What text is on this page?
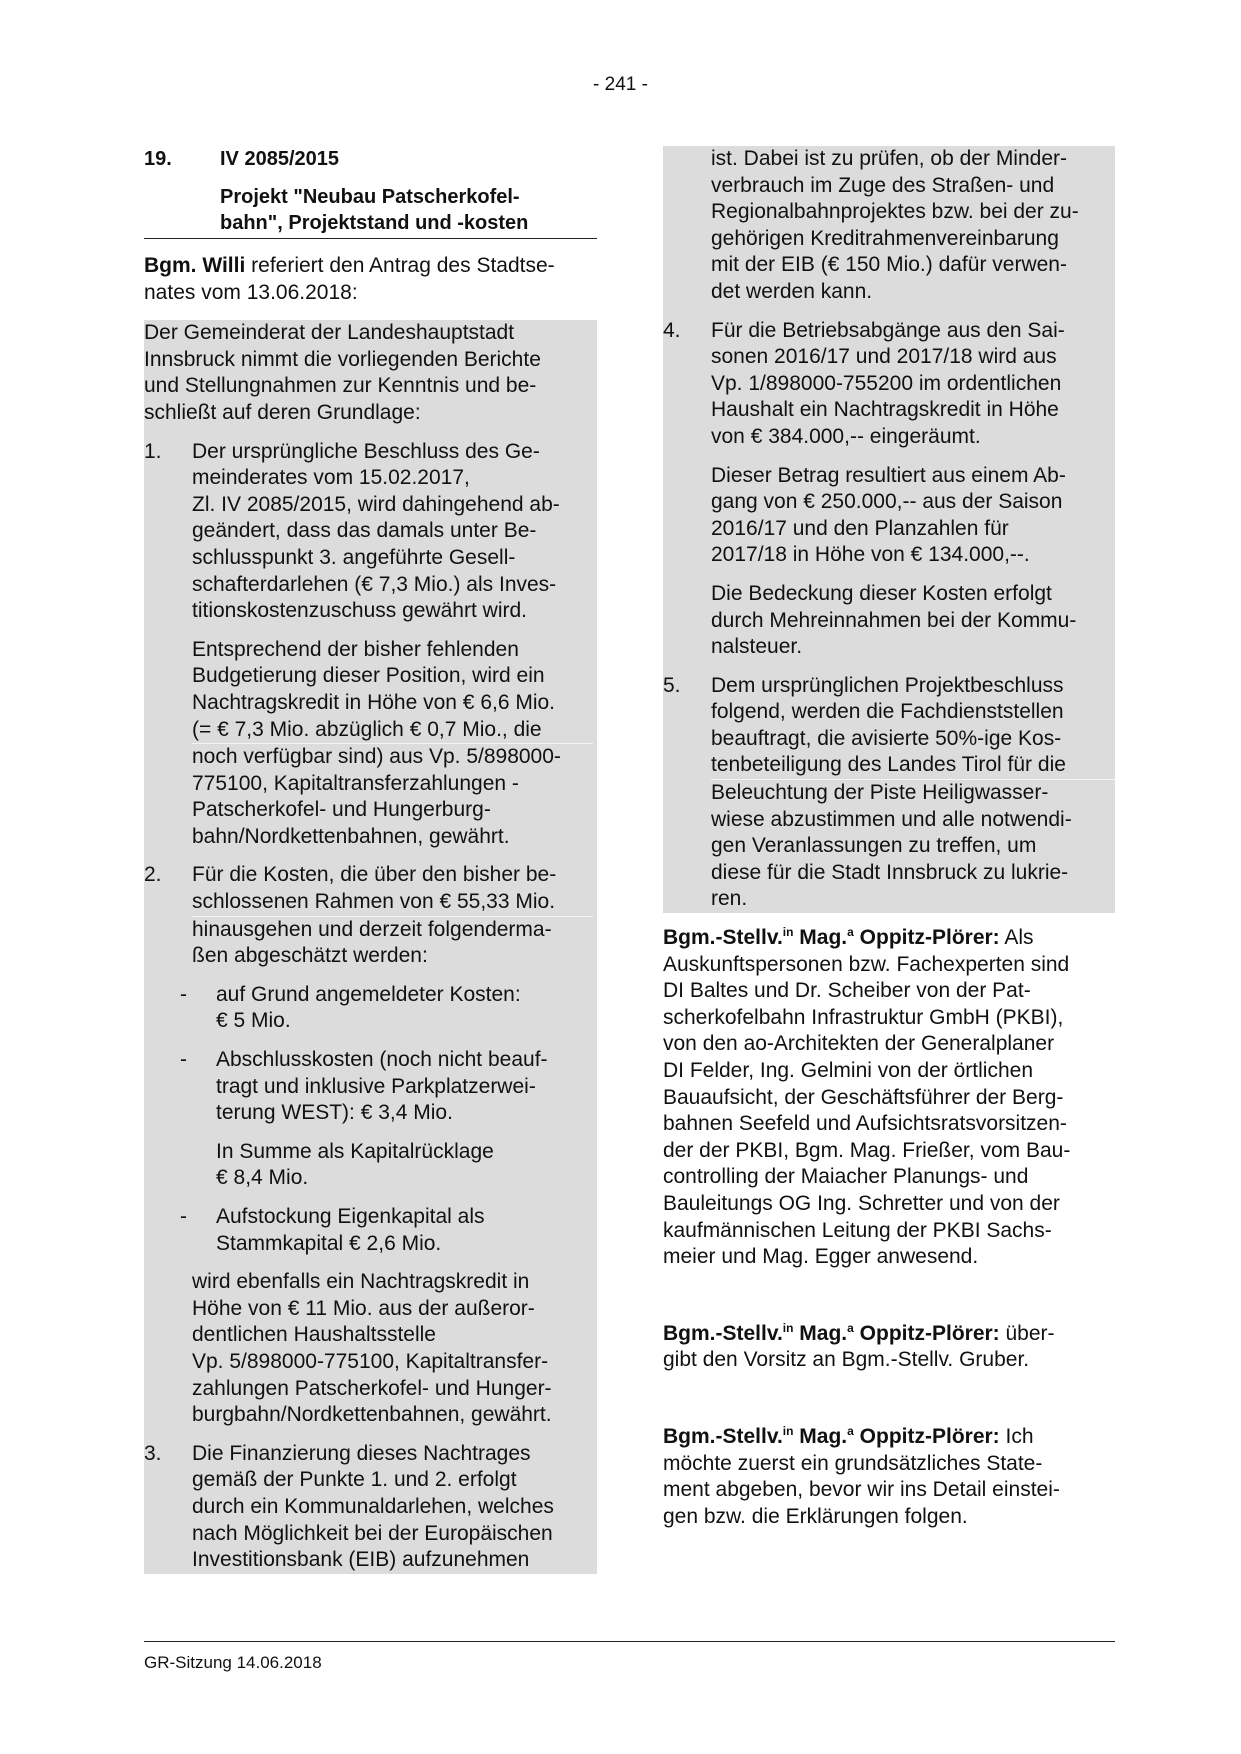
- 241 -
19.	IV 2085/2015
Projekt "Neubau Patscherkofel-
bahn", Projektstand und -kosten
Bgm. Willi referiert den Antrag des Stadtse-
nates vom 13.06.2018:
Der Gemeinderat der Landeshauptstadt
Innsbruck nimmt die vorliegenden Berichte
und Stellungnahmen zur Kenntnis und be-
schließt auf deren Grundlage:
1.	Der ursprüngliche Beschluss des Ge-
meinderates vom 15.02.2017,
Zl. IV 2085/2015, wird dahingehend ab-
geändert, dass das damals unter Be-
schlusspunkt 3. angeführte Gesell-
schafterdarlehen (€ 7,3 Mio.) als Inves-
titionskostenzuschuss gewährt wird.
Entsprechend der bisher fehlenden
Budgetierung dieser Position, wird ein
Nachtragskredit in Höhe von € 6,6 Mio.
(= € 7,3 Mio. abzüglich € 0,7 Mio., die
noch verfügbar sind) aus Vp. 5/898000-
775100, Kapitaltransferzahlungen -
Patscherkofel- und Hungerburg-
bahn/Nordkettenbahnen, gewährt.
2.	Für die Kosten, die über den bisher be-
schlossenen Rahmen von € 55,33 Mio.
hinausgehen und derzeit folgenderma-
ßen abgeschätzt werden:
-	auf Grund angemeldeter Kosten:
€ 5 Mio.
-	Abschlusskosten (noch nicht beauf-
tragt und inklusive Parkplatzerwei-
terung WEST): € 3,4 Mio.
In Summe als Kapitalrücklage
€ 8,4 Mio.
-	Aufstockung Eigenkapital als
Stammkapital € 2,6 Mio.
wird ebenfalls ein Nachtragskredit in
Höhe von € 11 Mio. aus der außeror-
dentlichen Haushaltsstelle
Vp. 5/898000-775100, Kapitaltransfer-
zahlungen Patscherkofel- und Hunger-
burgbahn/Nordkettenbahnen, gewährt.
3.	Die Finanzierung dieses Nachtrages
gemäß der Punkte 1. und 2. erfolgt
durch ein Kommunaldarlehen, welches
nach Möglichkeit bei der Europäischen
Investitionsbank (EIB) aufzunehmen
ist. Dabei ist zu prüfen, ob der Minder-
verbrauch im Zuge des Straßen- und
Regionalbahnprojektes bzw. bei der zu-
gehörigen Kreditrahmenvereinbarung
mit der EIB (€ 150 Mio.) dafür verwen-
det werden kann.
4.	Für die Betriebsabgänge aus den Sai-
sonen 2016/17 und 2017/18 wird aus
Vp. 1/898000-755200 im ordentlichen
Haushalt ein Nachtragskredit in Höhe
von € 384.000,-- eingeräumt.
Dieser Betrag resultiert aus einem Ab-
gang von € 250.000,-- aus der Saison
2016/17 und den Planzahlen für
2017/18 in Höhe von € 134.000,--.
Die Bedeckung dieser Kosten erfolgt
durch Mehreinnahmen bei der Kommu-
nalsteuer.
5.	Dem ursprünglichen Projektbeschluss
folgend, werden die Fachdienststellen
beauftragt, die avisierte 50%-ige Kos-
tenbeteiligung des Landes Tirol für die
Beleuchtung der Piste Heiligwasser-
wiese abzustimmen und alle notwendi-
gen Veranlassungen zu treffen, um
diese für die Stadt Innsbruck zu lukrie-
ren.
Bgm.-Stellv.$^{in}$ Mag.$^a$ Oppitz-Plörer: Als
Auskunftspersonen bzw. Fachexperten sind
DI Baltes und Dr. Scheiber von der Pat-
scherkofelbahn Infrastruktur GmbH (PKBI),
von den ao-Architekten der Generalplaner
DI Felder, Ing. Gelmini von der örtlichen
Bauaufsicht, der Geschäftsführer der Berg-
bahnen Seefeld und Aufsichtsratsvorsitzen-
der der PKBI, Bgm. Mag. Frießer, vom Bau-
controlling der Maiacher Planungs- und
Bauleitungs OG Ing. Schretter und von der
kaufmännischen Leitung der PKBI Sachs-
meier und Mag. Egger anwesend.
Bgm.-Stellv.$^{in}$ Mag.$^a$ Oppitz-Plörer: über-
gibt den Vorsitz an Bgm.-Stellv. Gruber.
Bgm.-Stellv.$^{in}$ Mag.$^a$ Oppitz-Plörer: Ich
möchte zuerst ein grundsätzliches State-
ment abgeben, bevor wir ins Detail einstei-
gen bzw. die Erklärungen folgen.
GR-Sitzung 14.06.2018
